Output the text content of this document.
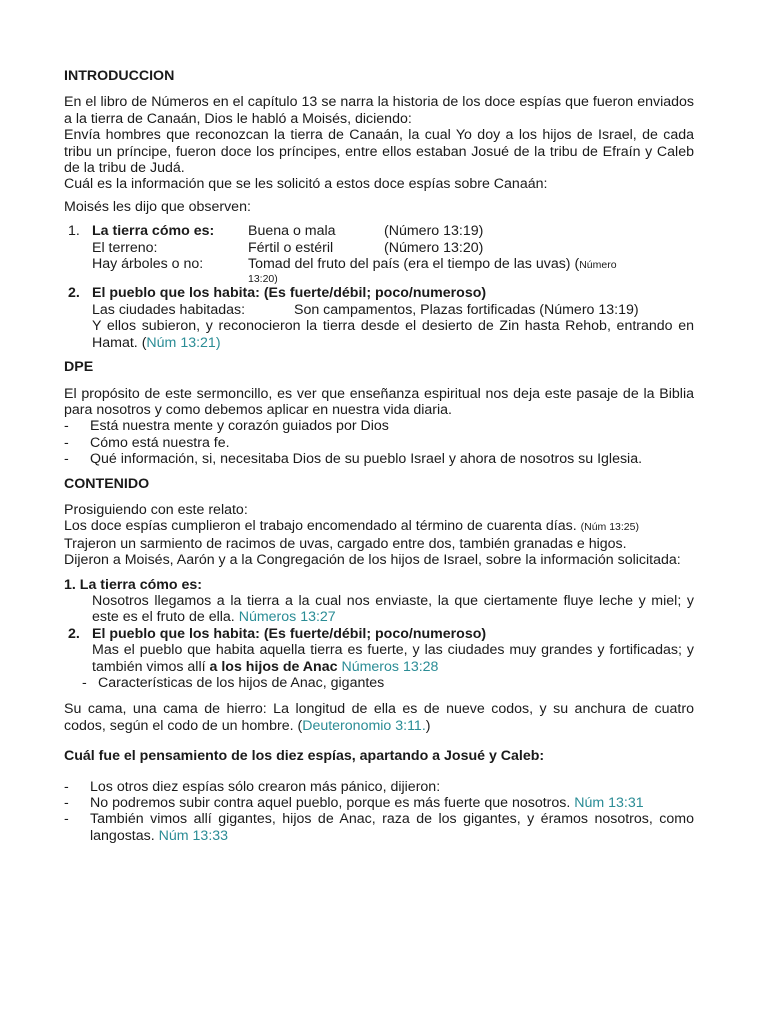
INTRODUCCION
En el libro de Números en el capítulo 13 se narra la historia de los doce espías que fueron enviados a la tierra de Canaán, Dios le habló a Moisés, diciendo:
Envía hombres que reconozcan la tierra de Canaán, la cual Yo doy a los hijos de Israel, de cada tribu un príncipe, fueron doce los príncipes, entre ellos estaban Josué de la tribu de Efraín y Caleb de la tribu de Judá.
Cuál es la información que se les solicitó a estos doce espías sobre Canaán:
Moisés les dijo que observen:
1. La tierra cómo es:	Buena o mala	(Número 13:19)
El terreno:	Fértil o estéril	(Número 13:20)
Hay árboles o no:	Tomad del fruto del país (era el tiempo de las uvas) (Número
13:20)
2. El pueblo que los habita: (Es fuerte/débil; poco/numeroso)
Las ciudades habitadas:	Son campamentos, Plazas fortificadas (Número 13:19)
Y ellos subieron, y reconocieron la tierra desde el desierto de Zin hasta Rehob, entrando en Hamat. (Núm 13:21)
DPE
El propósito de este sermoncillo, es ver que enseñanza espiritual nos deja este pasaje de la Biblia para nosotros y como debemos aplicar en nuestra vida diaria.
-	Está nuestra mente y corazón guiados por Dios
-	Cómo está nuestra fe.
-	Qué información, si, necesitaba Dios de su pueblo Israel y ahora de nosotros su Iglesia.
CONTENIDO
Prosiguiendo con este relato:
Los doce espías cumplieron el trabajo encomendado al término de cuarenta días. (Núm 13:25)
Trajeron un sarmiento de racimos de uvas, cargado entre dos, también granadas e higos.
Dijeron a Moisés, Aarón y a la Congregación de los hijos de Israel, sobre la información solicitada:
1. La tierra cómo es:
Nosotros llegamos a la tierra a la cual nos enviaste, la que ciertamente fluye leche y miel; y este es el fruto de ella. Números 13:27
2. El pueblo que los habita: (Es fuerte/débil; poco/numeroso)
Mas el pueblo que habita aquella tierra es fuerte, y las ciudades muy grandes y fortificadas; y también vimos allí a los hijos de Anac Números 13:28
- Características de los hijos de Anac, gigantes
Su cama, una cama de hierro: La longitud de ella es de nueve codos, y su anchura de cuatro codos, según el codo de un hombre. (Deuteronomio 3:11.)
Cuál fue el pensamiento de los diez espías, apartando a Josué y Caleb:
-	Los otros diez espías sólo crearon más pánico, dijieron:
-	No podremos subir contra aquel pueblo, porque es más fuerte que nosotros. Núm 13:31
-	También vimos allí gigantes, hijos de Anac, raza de los gigantes, y éramos nosotros, como langostas. Núm 13:33
